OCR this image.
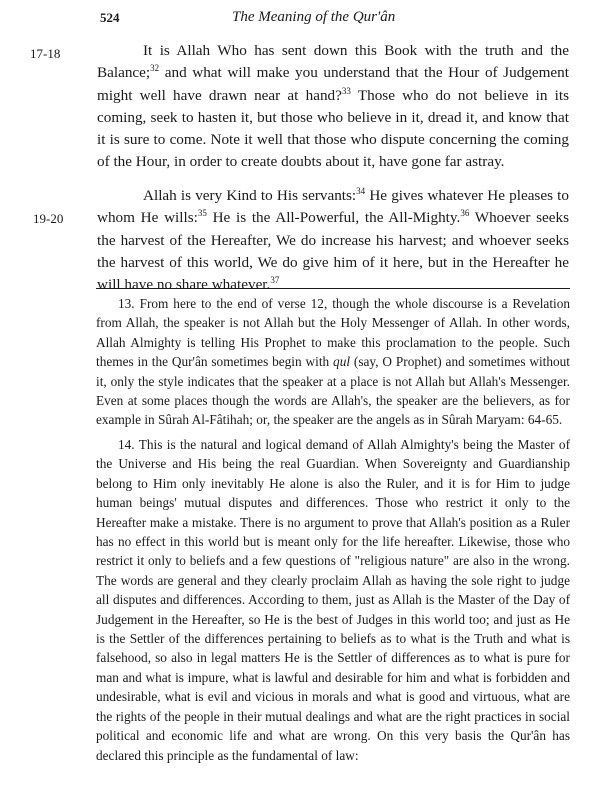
524	The Meaning of the Qur'ân
17-18
19-20

It is Allah Who has sent down this Book with the truth and the Balance;$^{32}$ and what will make you understand that the Hour of Judgement might well have drawn near at hand?$^{33}$ Those who do not believe in its coming, seek to hasten it, but those who believe in it, dread it, and know that it is sure to come. Note it well that those who dispute concerning the coming of the Hour, in order to create doubts about it, have gone far astray.

Allah is very Kind to His servants:$^{34}$ He gives whatever He pleases to whom He wills:$^{35}$ He is the All-Powerful, the All-Mighty.$^{36}$ Whoever seeks the harvest of the Hereafter, We do increase his harvest; and whoever seeks the harvest of this world, We do give him of it here, but in the Hereafter he will have no share whatever.$^{37}$

13. From here to the end of verse 12, though the whole discourse is a Revelation from Allah, the speaker is not Allah but the Holy Messenger of Allah. In other words, Allah Almighty is telling His Prophet to make this proclamation to the people. Such themes in the Qur'ân sometimes begin with qul (say, O Prophet) and sometimes without it, only the style indicates that the speaker at a place is not Allah but Allah's Messenger. Even at some places though the words are Allah's, the speaker are the believers, as for example in Sûrah Al-Fâtihah; or, the speaker are the angels as in Sûrah Maryam: 64-65.

14. This is the natural and logical demand of Allah Almighty's being the Master of the Universe and His being the real Guardian. When Sovereignty and Guardianship belong to Him only inevitably He alone is also the Ruler, and it is for Him to judge human beings' mutual disputes and differences. Those who restrict it only to the Hereafter make a mistake. There is no argument to prove that Allah's position as a Ruler has no effect in this world but is meant only for the life hereafter. Likewise, those who restrict it only to beliefs and a few questions of "religious nature" are also in the wrong. The words are general and they clearly proclaim Allah as having the sole right to judge all disputes and differences. According to them, just as Allah is the Master of the Day of Judgement in the Hereafter, so He is the best of Judges in this world too; and just as He is the Settler of the differences pertaining to beliefs as to what is the Truth and what is falsehood, so also in legal matters He is the Settler of differences as to what is pure for man and what is impure, what is lawful and desirable for him and what is forbidden and undesirable, what is evil and vicious in morals and what is good and virtuous, what are the rights of the people in their mutual dealings and what are the right practices in social political and economic life and what are wrong. On this very basis the Qur'ân has declared this principle as the fundamental of law:
